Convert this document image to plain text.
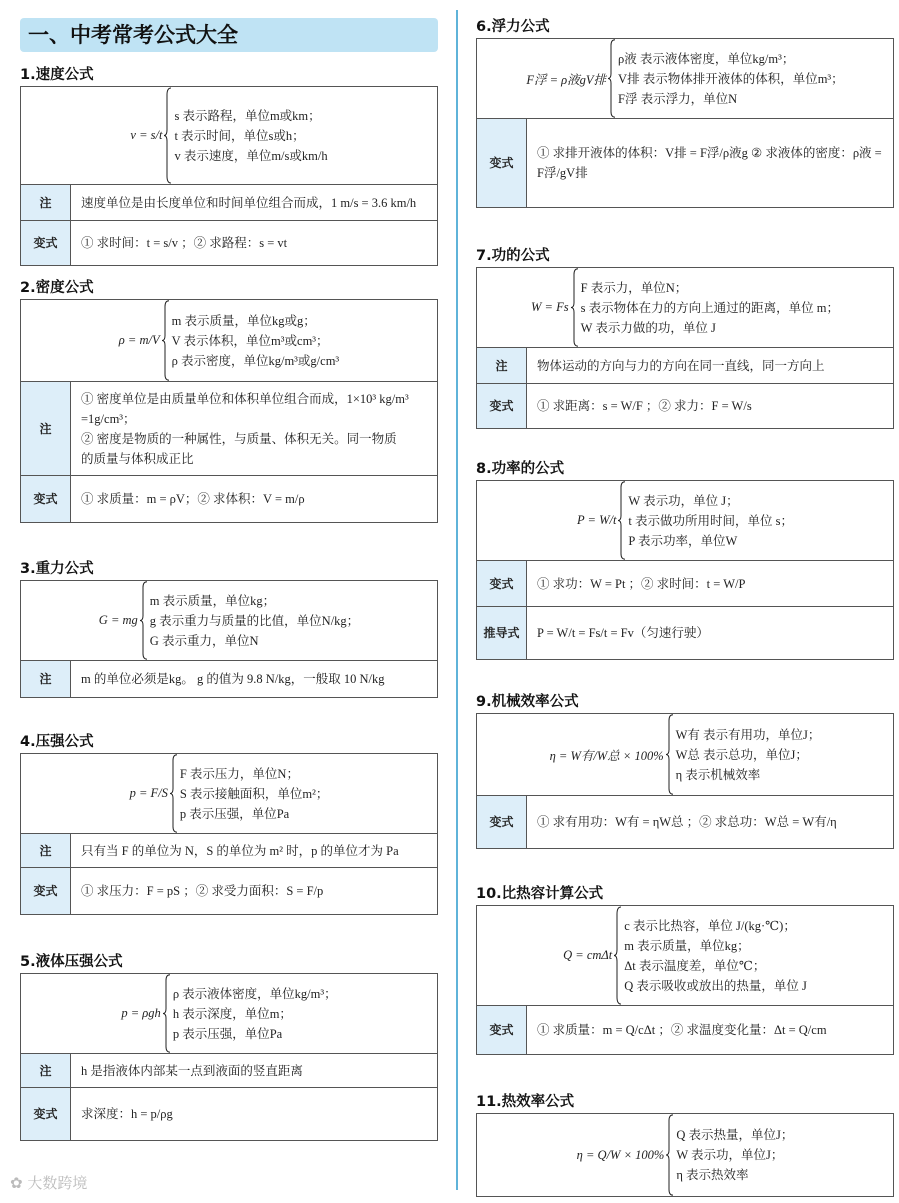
一、中考常考公式大全
1.速度公式
v = s/t
s 表示路程，单位m或km；
t 表示时间，单位s或h；
v 表示速度，单位m/s或km/h
注	速度单位是由长度单位和时间单位组合而成，1 m/s = 3.6 km/h
变式	① 求时间：t = s/v ；② 求路程：s = vt
2.密度公式
ρ = m/V
m 表示质量，单位kg或g；
V 表示体积，单位m³或cm³；
ρ 表示密度，单位kg/m³或g/cm³
注
① 密度单位是由质量单位和体积单位组合而成，1×10³ kg/m³
=1g/cm³；
② 密度是物质的一种属性，与质量、体积无关。同一物质
的质量与体积成正比
变式	① 求质量：m = ρV；② 求体积：V = m/ρ
3.重力公式
G = mg
m 表示质量，单位kg；
g 表示重力与质量的比值，单位N/kg；
G 表示重力，单位N
注	m 的单位必须是kg。 g 的值为 9.8 N/kg，一般取 10 N/kg
4.压强公式
p = F/S
F 表示压力，单位N；
S 表示接触面积，单位m²；
p 表示压强，单位Pa
注	只有当 F 的单位为 N，S 的单位为 m² 时，p 的单位才为 Pa
变式	① 求压力：F = pS ；② 求受力面积：S = F/p
5.液体压强公式
p = ρgh
ρ 表示液体密度，单位kg/m³；
h 表示深度，单位m；
p 表示压强，单位Pa
注	h 是指液体内部某一点到液面的竖直距离
变式	求深度：h = p/ρg
6.浮力公式
F浮 = ρ液gV排
ρ液 表示液体密度，单位kg/m³；
V排 表示物体排开液体的体积，单位m³；
F浮 表示浮力，单位N
变式
① 求排开液体的体积：V排 = F浮/ρ液g ② 求液体的密度：ρ液 = F浮/gV排
7.功的公式
W = Fs
F 表示力，单位N；
s 表示物体在力的方向上通过的距离，单位 m；
W 表示力做的功，单位 J
注	物体运动的方向与力的方向在同一直线，同一方向上
变式	① 求距离：s = W/F ；② 求力：F = W/s
8.功率的公式
P = W/t
W 表示功，单位 J；
t 表示做功所用时间，单位 s；
P 表示功率，单位W
变式	① 求功：W = Pt ；② 求时间：t = W/P
推导式	P = W/t = Fs/t = Fv（匀速行驶）
9.机械效率公式
η = W有/W总 × 100%
W有 表示有用功，单位J；
W总 表示总功，单位J；
η 表示机械效率
变式	① 求有用功：W有 = ηW总 ；② 求总功：W总 = W有/η
10.比热容计算公式
Q = cmΔt
c 表示比热容，单位 J/(kg·℃)；
m 表示质量，单位kg；
Δt 表示温度差，单位℃；
Q 表示吸收或放出的热量，单位 J
变式	① 求质量：m = Q/cΔt ；② 求温度变化量：Δt = Q/cm
11.热效率公式
η = Q/W × 100%
Q 表示热量，单位J；
W 表示功，单位J；
η 表示热效率
✿ 大数跨境
